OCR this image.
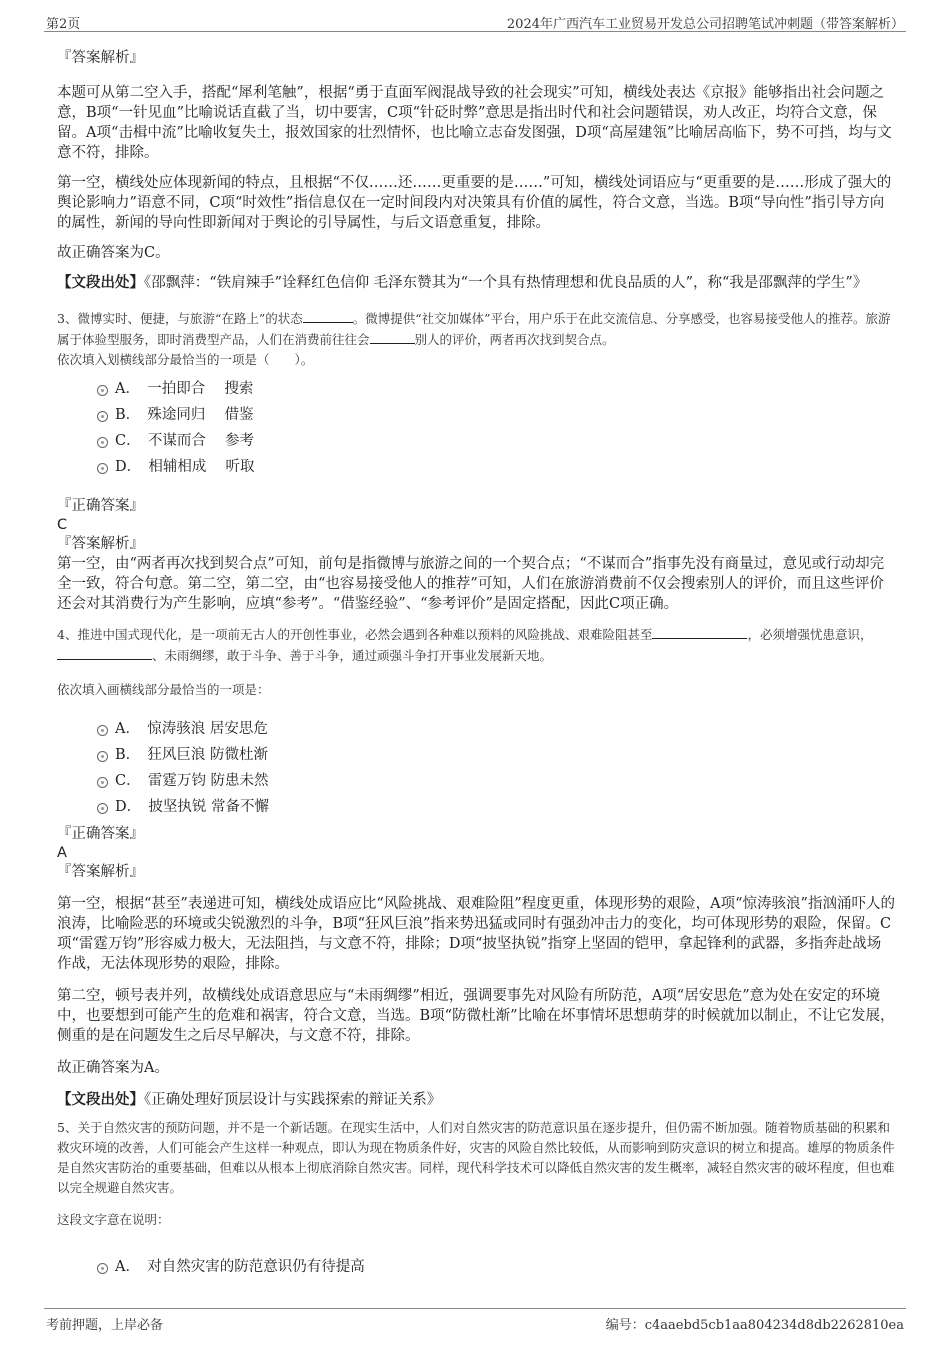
第2页	2024年广西汽车工业贸易开发总公司招聘笔试冲刺题（带答案解析）

『答案解析』

本题可从第二空入手，搭配“犀利笔触”，根据“勇于直面军阀混战导致的社会现实”可知，横线处表达《京报》能够指出社会问题之意，B项“一针见血”比喻说话直截了当，切中要害，C项“针砭时弊”意思是指出时代和社会问题错误，劝人改正，均符合文意，保留。A项“击楫中流”比喻收复失土，报效国家的壮烈情怀，也比喻立志奋发图强，D项“高屋建瓴”比喻居高临下，势不可挡，均与文意不符，排除。

第一空，横线处应体现新闻的特点，且根据“不仅……还……更重要的是……”可知，横线处词语应与“更重要的是……形成了强大的舆论影响力”语意不同，C项“时效性”指信息仅在一定时间段内对决策具有价值的属性，符合文意，当选。B项“导向性”指引导方向的属性，新闻的导向性即新闻对于舆论的引导属性，与后文语意重复，排除。

故正确答案为C。

【文段出处】《邵飘萍：“铁肩辣手”诠释红色信仰 毛泽东赞其为“一个具有热情理想和优良品质的人”，称“我是邵飘萍的学生”》

3、微博实时、便捷，与旅游“在路上”的状态	。微博提供“社交加媒体”平台，用户乐于在此交流信息、分享感受，也容易接受他人的推荐。旅游属于体验型服务，即时消费型产品，人们在消费前往往会	别人的评价，两者再次找到契合点。

依次填入划横线部分最恰当的一项是（　　）。

A．　一拍即合　 搜索
B．　殊途同归　 借鉴
C．　不谋而合　 参考
D．　相辅相成　 听取

『正确答案』

C

『答案解析』

第一空，由“两者再次找到契合点”可知，前句是指微博与旅游之间的一个契合点；“不谋而合”指事先没有商量过，意见或行动却完全一致，符合句意。第二空，第二空，由“也容易接受他人的推荐”可知，人们在旅游消费前不仅会搜索别人的评价，而且这些评价还会对其消费行为产生影响，应填“参考”。“借鉴经验”、“参考评价”是固定搭配，因此C项正确。

4、推进中国式现代化，是一项前无古人的开创性事业，必然会遇到各种难以预料的风险挑战、艰难险阻甚至	，必须增强忧患意识，、未雨绸缪，敢于斗争、善于斗争，通过顽强斗争打开事业发展新天地。

依次填入画横线部分最恰当的一项是：

A．　惊涛骇浪 居安思危
B．　狂风巨浪 防微杜渐
C．　雷霆万钧 防患未然
D．　披坚执锐 常备不懈

『正确答案』

A

『答案解析』

第一空，根据“甚至”表递进可知，横线处成语应比“风险挑战、艰难险阻”程度更重，体现形势的艰险，A项“惊涛骇浪”指汹涌吓人的浪涛，比喻险恶的环境或尖锐激烈的斗争，B项“狂风巨浪”指来势迅猛或同时有强劲冲击力的变化，均可体现形势的艰险，保留。C项“雷霆万钧”形容威力极大，无法阻挡，与文意不符，排除；D项“披坚执锐”指穿上坚固的铠甲，拿起锋利的武器，多指奔赴战场作战，无法体现形势的艰险，排除。

第二空，顿号表并列，故横线处成语意思应与“未雨绸缪”相近，强调要事先对风险有所防范，A项“居安思危”意为处在安定的环境中，也要想到可能产生的危难和祸害，符合文意，当选。B项“防微杜渐”比喻在坏事情坏思想萌芽的时候就加以制止，不让它发展，侧重的是在问题发生之后尽早解决，与文意不符，排除。

故正确答案为A。

【文段出处】《正确处理好顶层设计与实践探索的辩证关系》

5、关于自然灾害的预防问题，并不是一个新话题。在现实生活中，人们对自然灾害的防范意识虽在逐步提升，但仍需不断加强。随着物质基础的积累和救灾环境的改善，人们可能会产生这样一种观点，即认为现在物质条件好，灾害的风险自然比较低，从而影响到防灾意识的树立和提高。雄厚的物质条件是自然灾害防治的重要基础，但难以从根本上彻底消除自然灾害。同样，现代科学技术可以降低自然灾害的发生概率，减轻自然灾害的破坏程度，但也难以完全规避自然灾害。

这段文字意在说明：

A．　对自然灾害的防范意识仍有待提高
考前押题，上岸必备	编号：c4aaebd5cb1aa804234d8db2262810ea
